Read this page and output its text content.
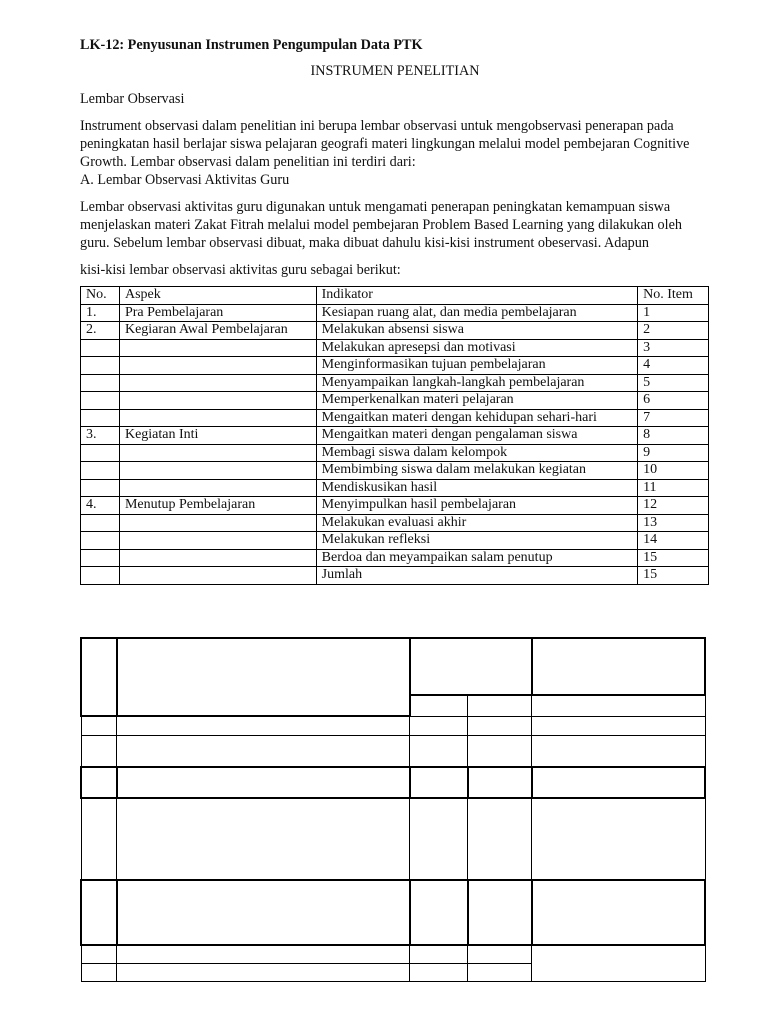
LK-12: Penyusunan Instrumen Pengumpulan Data PTK

INSTRUMEN PENELITIAN

Lembar Observasi

Instrument observasi dalam penelitian ini berupa lembar observasi untuk mengobservasi penerapan pada peningkatan hasil berlajar siswa pelajaran geografi materi lingkungan melalui model pembejaran Cognitive Growth. Lembar observasi dalam penelitian ini terdiri dari:

A. Lembar Observasi Aktivitas Guru

Lembar observasi aktivitas guru digunakan untuk mengamati penerapan peningkatan kemampuan siswa menjelaskan materi Zakat Fitrah melalui model pembejaran Problem Based Learning yang dilakukan oleh guru. Sebelum lembar observasi dibuat, maka dibuat dahulu kisi-kisi instrument obeservasi. Adapun

kisi-kisi lembar observasi aktivitas guru sebagai berikut:

No.	Aspek	Indikator	No. Item
1.	Pra Pembelajaran	Kesiapan ruang alat, dan media pembelajaran	1
2.	Kegiaran Awal Pembelajaran	Melakukan absensi siswa	2
		Melakukan apresepsi dan motivasi	3
		Menginformasikan tujuan pembelajaran	4
		Menyampaikan langkah-langkah pembelajaran	5
		Memperkenalkan materi pelajaran	6
		Mengaitkan materi dengan kehidupan sehari-hari	7
3.	Kegiatan Inti	Mengaitkan materi dengan pengalaman siswa	8
		Membagi siswa dalam kelompok	9
		Membimbing siswa dalam melakukan kegiatan	10
		Mendiskusikan hasil	11
4.	Menutup Pembelajaran	Menyimpulkan hasil pembelajaran	12
		Melakukan evaluasi akhir	13
		Melakukan refleksi	14
		Berdoa dan meyampaikan salam penutup	15
		Jumlah	15
